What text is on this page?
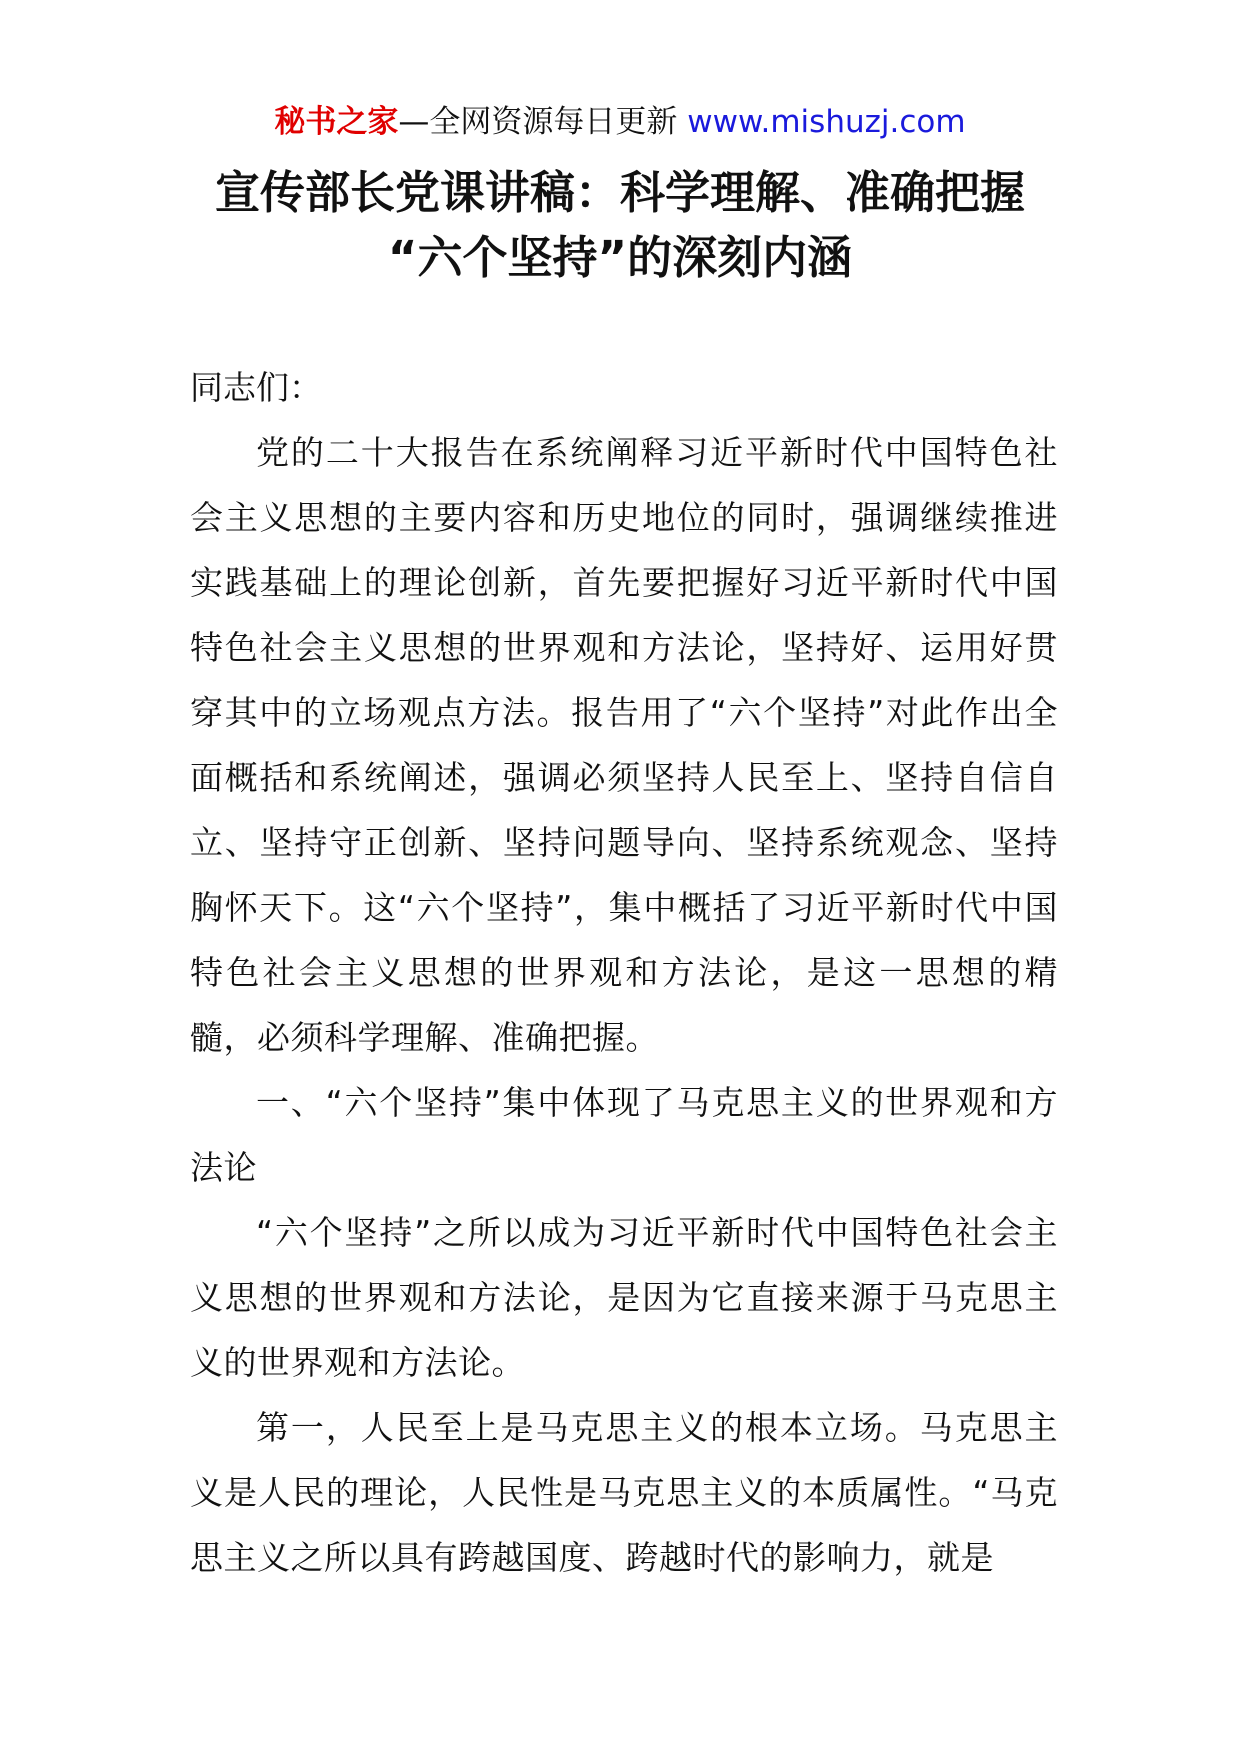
秘书之家—全网资源每日更新 www.mishuzj.com
宣传部长党课讲稿：科学理解、准确把握
“六个坚持”的深刻内涵

同志们：

党的二十大报告在系统阐释习近平新时代中国特色社会主义思想的主要内容和历史地位的同时，强调继续推进实践基础上的理论创新，首先要把握好习近平新时代中国特色社会主义思想的世界观和方法论，坚持好、运用好贯穿其中的立场观点方法。报告用了“六个坚持”对此作出全面概括和系统阐述，强调必须坚持人民至上、坚持自信自立、坚持守正创新、坚持问题导向、坚持系统观念、坚持胸怀天下。这“六个坚持”，集中概括了习近平新时代中国特色社会主义思想的世界观和方法论，是这一思想的精髓，必须科学理解、准确把握。

一、“六个坚持”集中体现了马克思主义的世界观和方法论

“六个坚持”之所以成为习近平新时代中国特色社会主义思想的世界观和方法论，是因为它直接来源于马克思主义的世界观和方法论。

第一，人民至上是马克思主义的根本立场。马克思主义是人民的理论，人民性是马克思主义的本质属性。“马克思主义之所以具有跨越国度、跨越时代的影响力，就是
